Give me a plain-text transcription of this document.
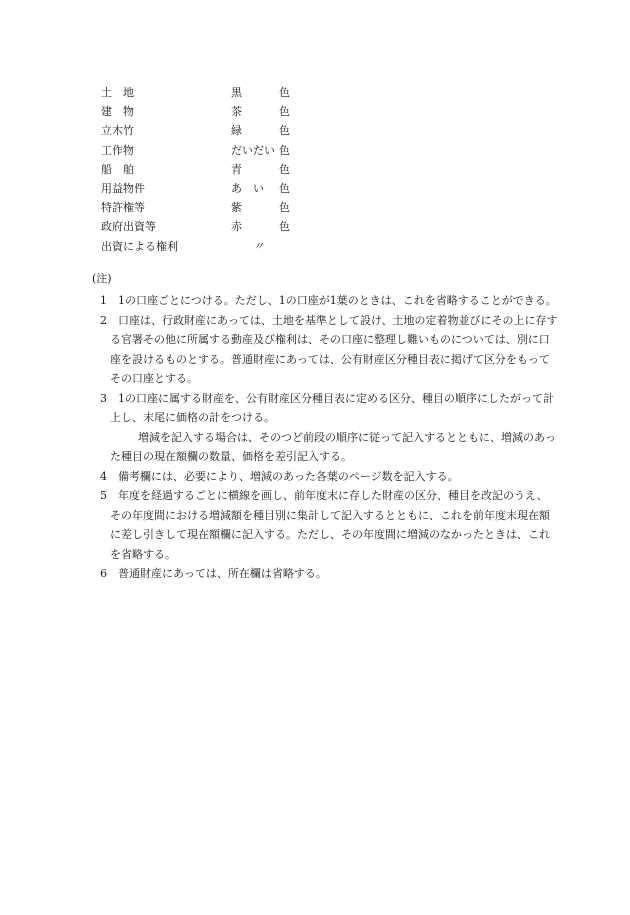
土　地	黒	色
建　物	茶	色
立木竹	緑	色
工作物	だいだい 色
船　舶	青	色
用益物件	あ　い 色
特許権等	紫	色
政府出資等	赤	色
出資による権利	〃
(注)
1	1の口座ごとにつける。ただし、1の口座が1葉のときは、これを省略することができる。
2	口座は、行政財産にあっては、土地を基準として設け、土地の定着物並びにその上に存する官署その他に所属する動産及び権利は、その口座に整理し難いものについては、別に口座を設けるものとする。普通財産にあっては、公有財産区分種目表に掲げて区分をもってその口座とする。
3	1の口座に属する財産を、公有財産区分種目表に定める区分、種目の順序にしたがって計上し、末尾に価格の計をつける。
増減を記入する場合は、そのつど前段の順序に従って記入するとともに、増減のあった種目の現在額欄の数量、価格を差引記入する。
4	備考欄には、必要により、増減のあった各葉のページ数を記入する。
5	年度を経過するごとに横線を画し、前年度末に存した財産の区分、種目を改記のうえ、その年度間における増減額を種目別に集計して記入するとともに、これを前年度末現在額に差し引きして現在額欄に記入する。ただし、その年度間に増減のなかったときは、これを省略する。
6	普通財産にあっては、所在欄は省略する。
